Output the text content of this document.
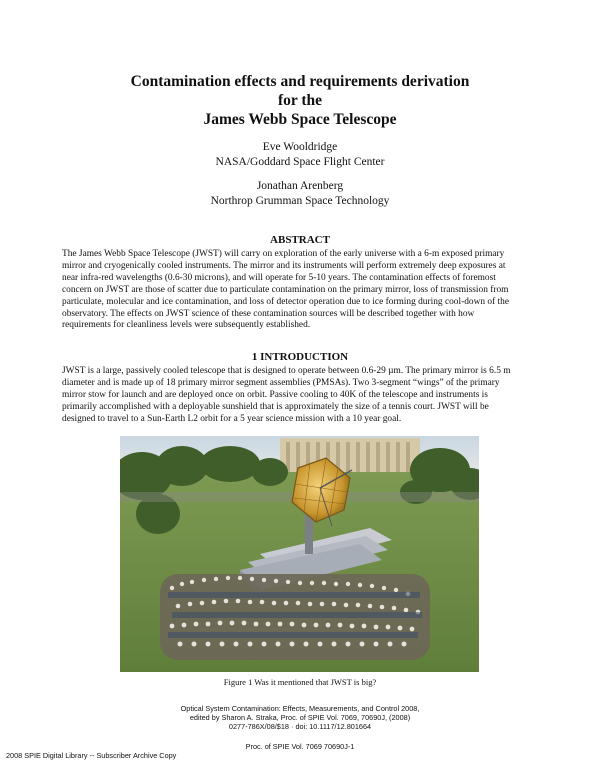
Contamination effects and requirements derivation
for the
James Webb Space Telescope
Eve Wooldridge
NASA/Goddard Space Flight Center
Jonathan Arenberg
Northrop Grumman Space Technology
ABSTRACT
The James Webb Space Telescope (JWST) will carry on exploration of the early universe with a 6-m exposed primary
mirror and cryogenically cooled instruments. The mirror and its instruments will perform extremely deep exposures at
near infra-red wavelengths (0.6-30 microns), and will operate for 5-10 years. The contamination effects of foremost
concern on JWST are those of scatter due to particulate contamination on the primary mirror, loss of transmission from
particulate, molecular and ice contamination, and loss of detector operation due to ice forming during cool-down of the
observatory. The effects on JWST science of these contamination sources will be described together with how
requirements for cleanliness levels were subsequently established.
1 INTRODUCTION
JWST is a large, passively cooled telescope that is designed to operate between 0.6-29 µm. The primary mirror is 6.5 m
diameter and is made up of 18 primary mirror segment assemblies (PMSAs). Two 3-segment “wings” of the primary
mirror stow for launch and are deployed once on orbit. Passive cooling to 40K of the telescope and instruments is
primarily accomplished with a deployable sunshield that is approximately the size of a tennis court. JWST will be
designed to travel to a Sun-Earth L2 orbit for a 5 year science mission with a 10 year goal.
Figure 1 Was it mentioned that JWST is big?
Optical System Contamination: Effects, Measurements, and Control 2008,
edited by Sharon A. Straka, Proc. of SPIE Vol. 7069, 70690J, (2008)
0277-786X/08/$18 · doi: 10.1117/12.801664
Proc. of SPIE Vol. 7069 70690J-1
2008 SPIE Digital Library -- Subscriber Archive Copy
